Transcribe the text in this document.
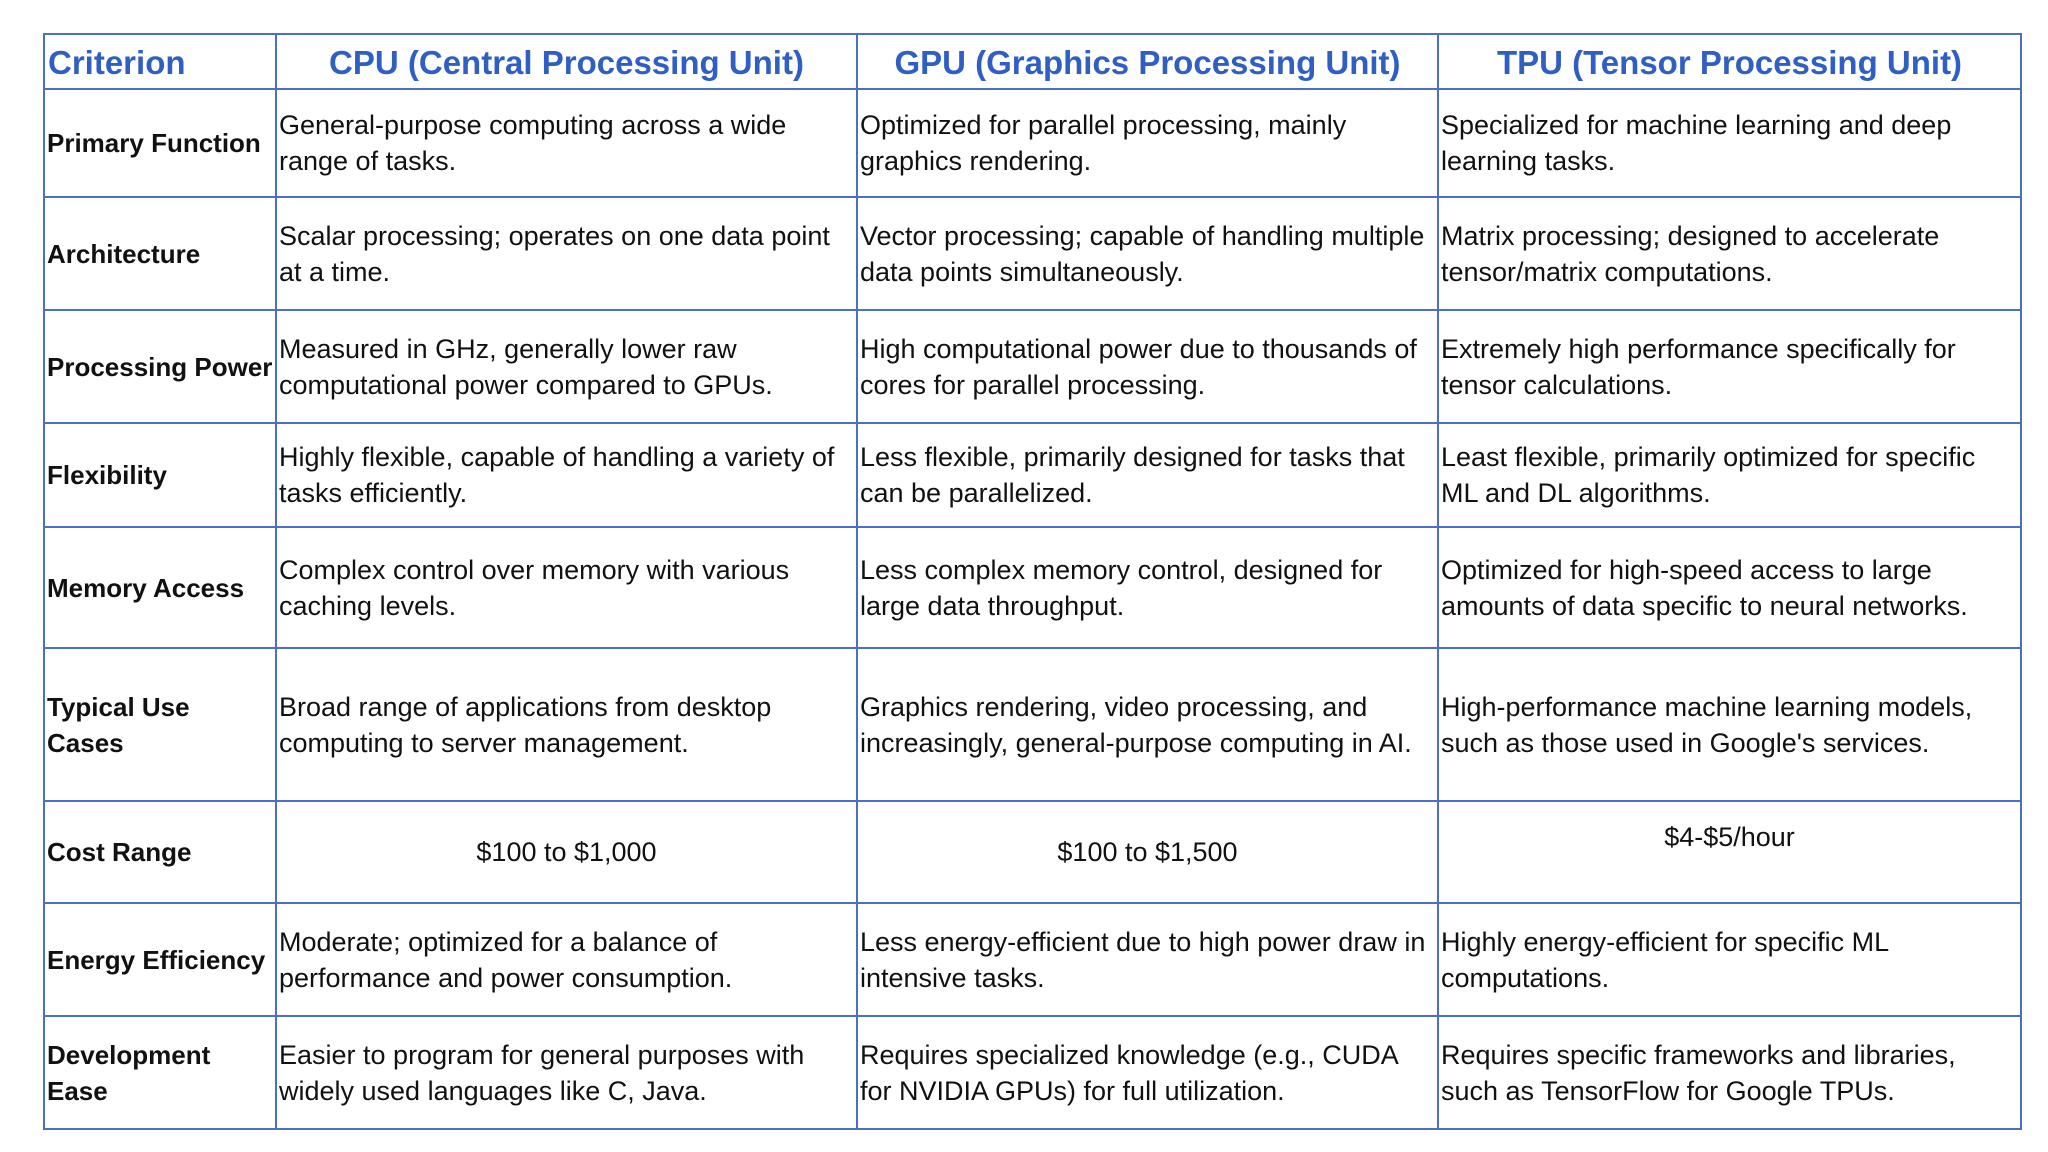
Criterion	CPU (Central Processing Unit)	GPU (Graphics Processing Unit)	TPU (Tensor Processing Unit)
Primary Function	General-purpose computing across a wide range of tasks.	Optimized for parallel processing, mainly graphics rendering.	Specialized for machine learning and deep learning tasks.
Architecture	Scalar processing; operates on one data point at a time.	Vector processing; capable of handling multiple data points simultaneously.	Matrix processing; designed to accelerate tensor/matrix computations.
Processing Power	Measured in GHz, generally lower raw computational power compared to GPUs.	High computational power due to thousands of cores for parallel processing.	Extremely high performance specifically for tensor calculations.
Flexibility	Highly flexible, capable of handling a variety of tasks efficiently.	Less flexible, primarily designed for tasks that can be parallelized.	Least flexible, primarily optimized for specific ML and DL algorithms.
Memory Access	Complex control over memory with various caching levels.	Less complex memory control, designed for large data throughput.	Optimized for high-speed access to large amounts of data specific to neural networks.
Typical Use Cases	Broad range of applications from desktop computing to server management.	Graphics rendering, video processing, and increasingly, general-purpose computing in AI.	High-performance machine learning models, such as those used in Google's services.
Cost Range	$100 to $1,000	$100 to $1,500	$4-$5/hour
Energy Efficiency	Moderate; optimized for a balance of performance and power consumption.	Less energy-efficient due to high power draw in intensive tasks.	Highly energy-efficient for specific ML computations.
Development Ease	Easier to program for general purposes with widely used languages like C, Java.	Requires specialized knowledge (e.g., CUDA for NVIDIA GPUs) for full utilization.	Requires specific frameworks and libraries, such as TensorFlow for Google TPUs.
